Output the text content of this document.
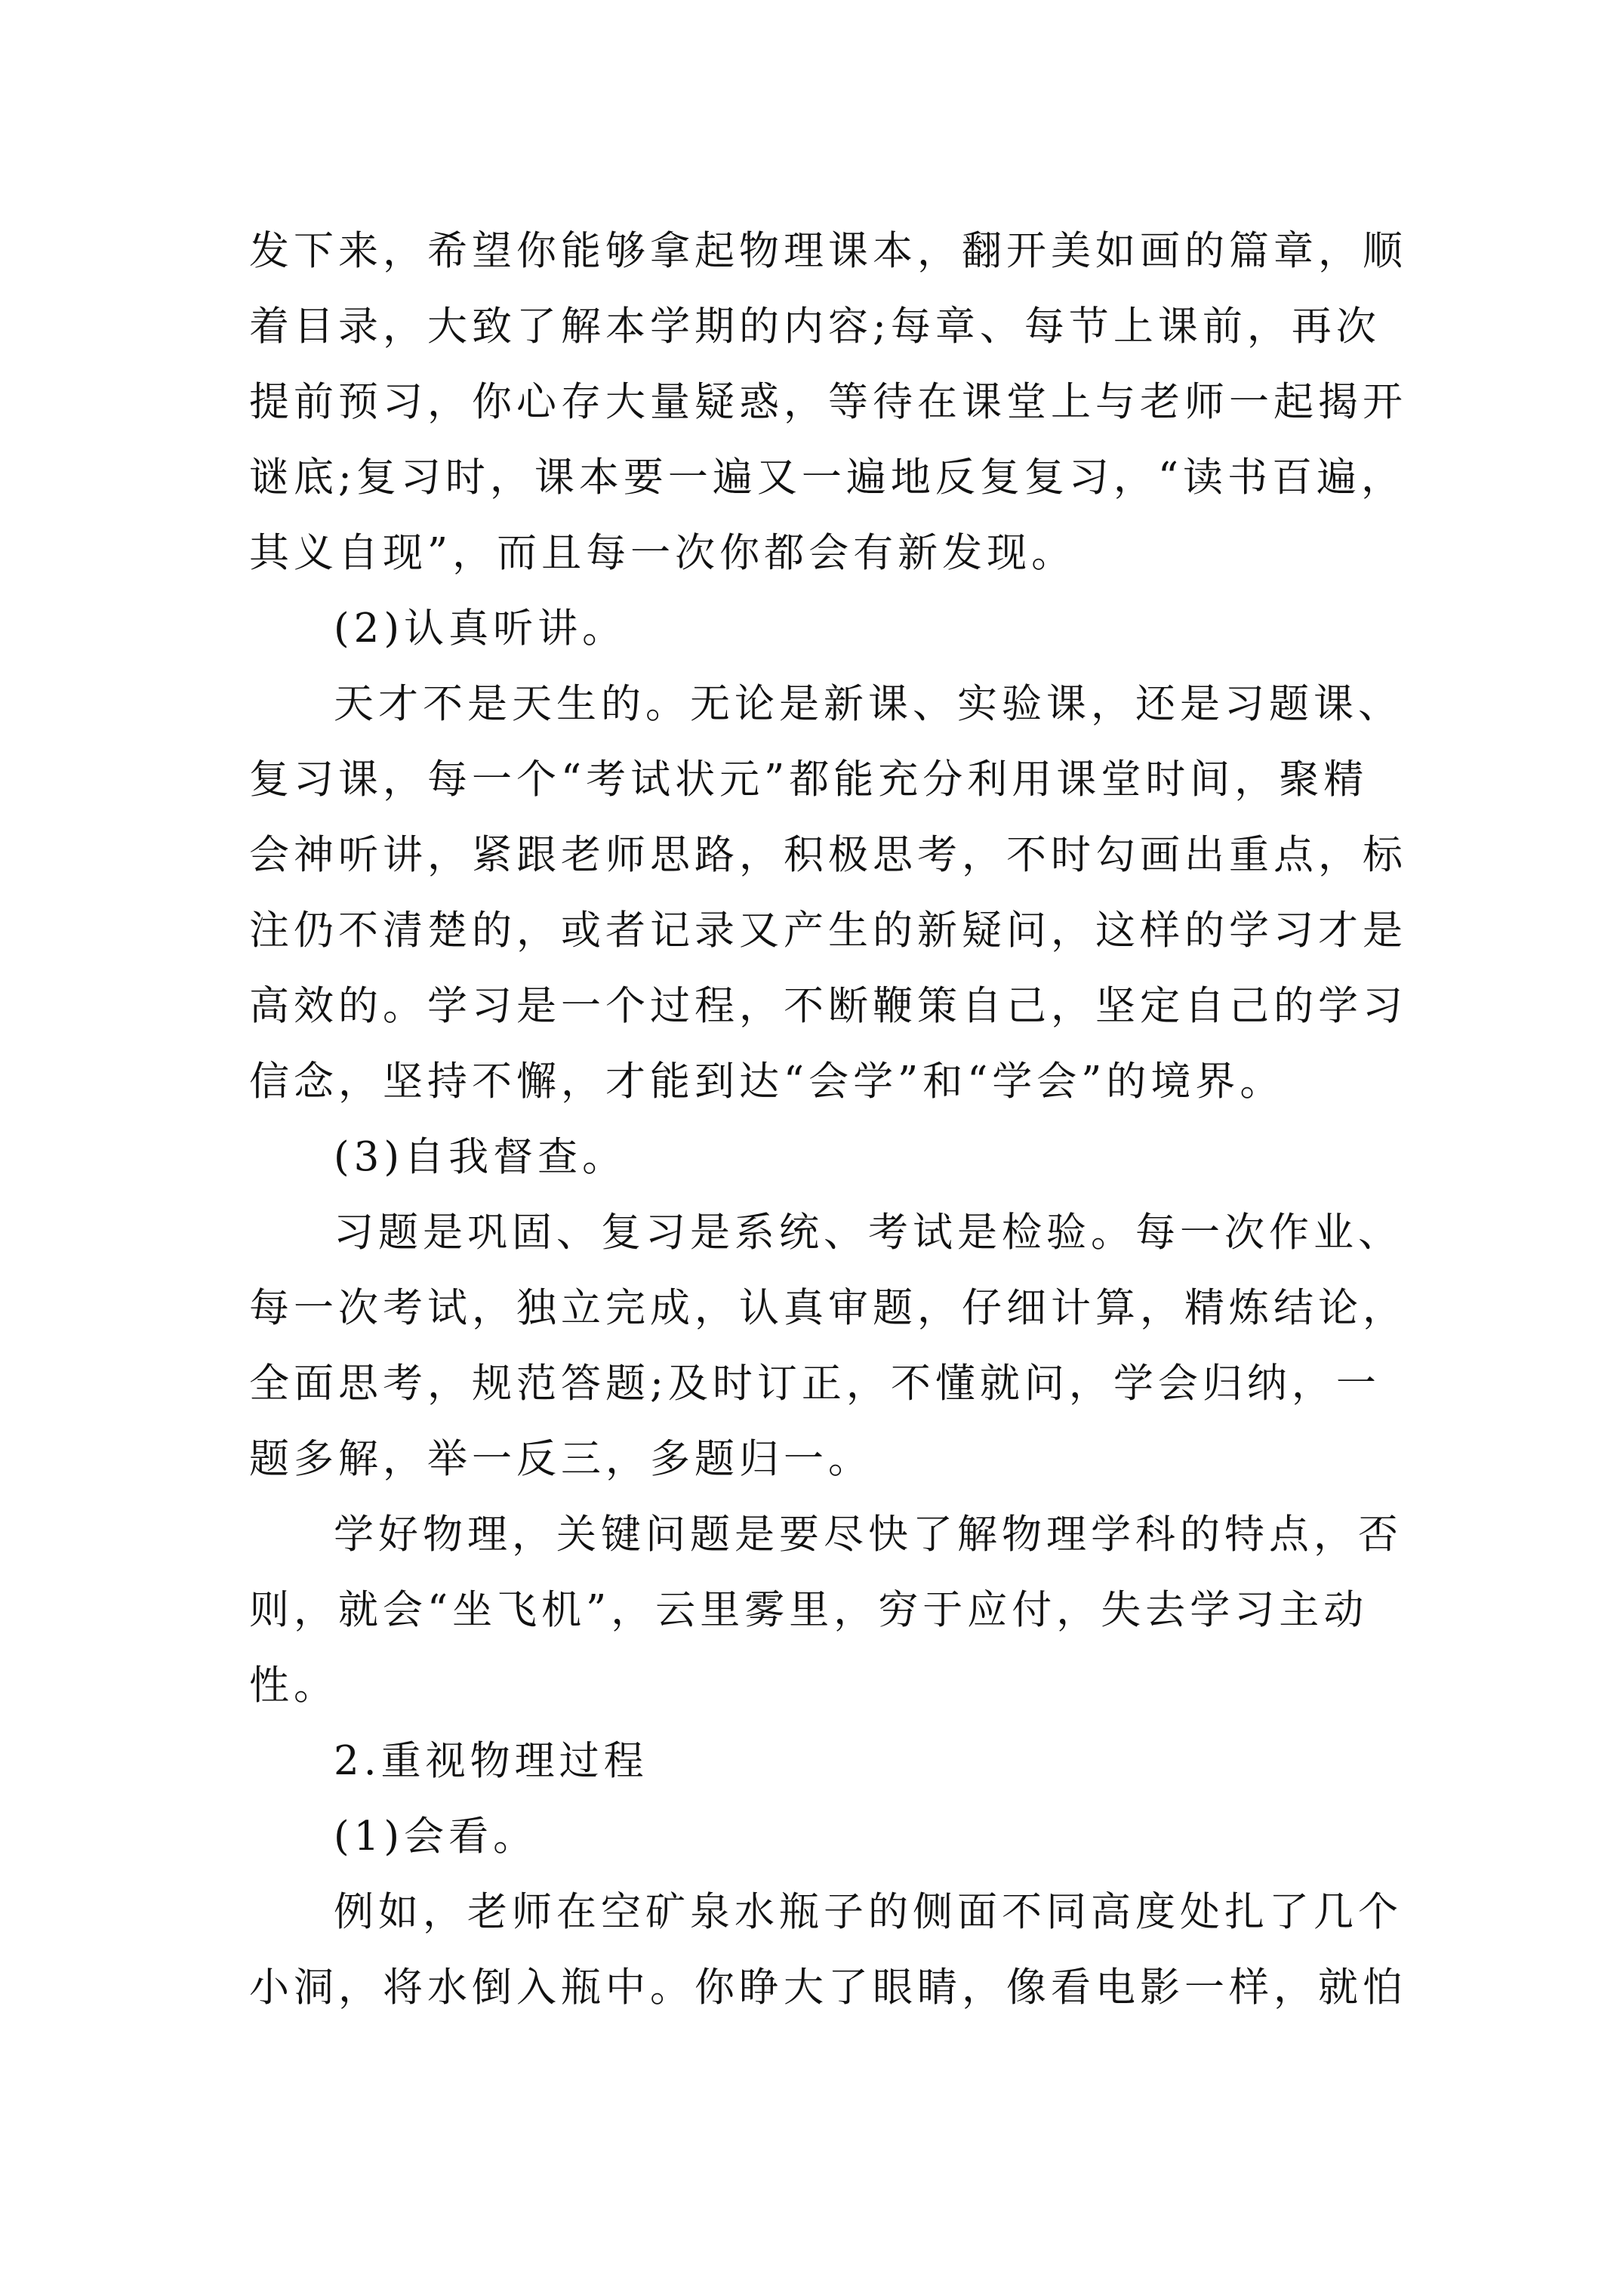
发下来，希望你能够拿起物理课本，翻开美如画的篇章，顺
着目录，大致了解本学期的内容;每章、每节上课前，再次
提前预习，你心存大量疑惑，等待在课堂上与老师一起揭开
谜底;复习时，课本要一遍又一遍地反复复习，“读书百遍，
其义自现”，而且每一次你都会有新发现。
(2)认真听讲。
天才不是天生的。无论是新课、实验课，还是习题课、
复习课，每一个“考试状元”都能充分利用课堂时间，聚精
会神听讲，紧跟老师思路，积极思考，不时勾画出重点，标
注仍不清楚的，或者记录又产生的新疑问，这样的学习才是
高效的。学习是一个过程，不断鞭策自己，坚定自己的学习
信念，坚持不懈，才能到达“会学”和“学会”的境界。
(3)自我督查。
习题是巩固、复习是系统、考试是检验。每一次作业、
每一次考试，独立完成，认真审题，仔细计算，精炼结论，
全面思考，规范答题;及时订正，不懂就问，学会归纳，一
题多解，举一反三，多题归一。
学好物理，关键问题是要尽快了解物理学科的特点，否
则，就会“坐飞机”，云里雾里，穷于应付，失去学习主动
性。
2.重视物理过程
(1)会看。
例如，老师在空矿泉水瓶子的侧面不同高度处扎了几个
小洞，将水倒入瓶中。你睁大了眼睛，像看电影一样，就怕
